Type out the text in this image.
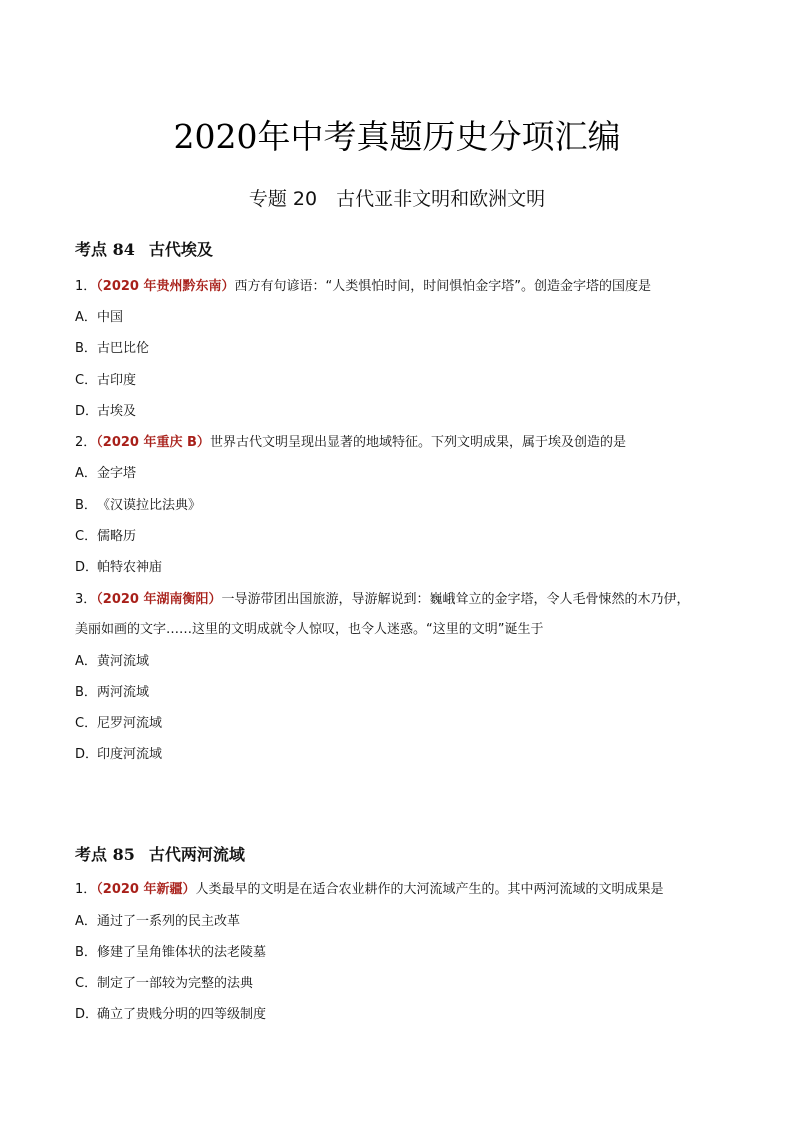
2020年中考真题历史分项汇编
专题 20　古代亚非文明和欧洲文明
考点 84 古代埃及
1．（2020 年贵州黔东南）西方有句谚语：“人类惧怕时间，时间惧怕金字塔”。创造金字塔的国度是
A．中国
B．古巴比伦
C．古印度
D．古埃及
2．（2020 年重庆 B）世界古代文明呈现出显著的地域特征。下列文明成果，属于埃及创造的是
A．金字塔
B．《汉谟拉比法典》
C．儒略历
D．帕特农神庙
3．（2020 年湖南衡阳）一导游带团出国旅游，导游解说到：巍峨耸立的金字塔，令人毛骨悚然的木乃伊，
美丽如画的文字……这里的文明成就令人惊叹，也令人迷惑。“这里的文明”诞生于
A．黄河流域
B．两河流域
C．尼罗河流域
D．印度河流域
考点 85 古代两河流域
1．（2020 年新疆）人类最早的文明是在适合农业耕作的大河流域产生的。其中两河流域的文明成果是
A．通过了一系列的民主改革
B．修建了呈角锥体状的法老陵墓
C．制定了一部较为完整的法典
D．确立了贵贱分明的四等级制度
